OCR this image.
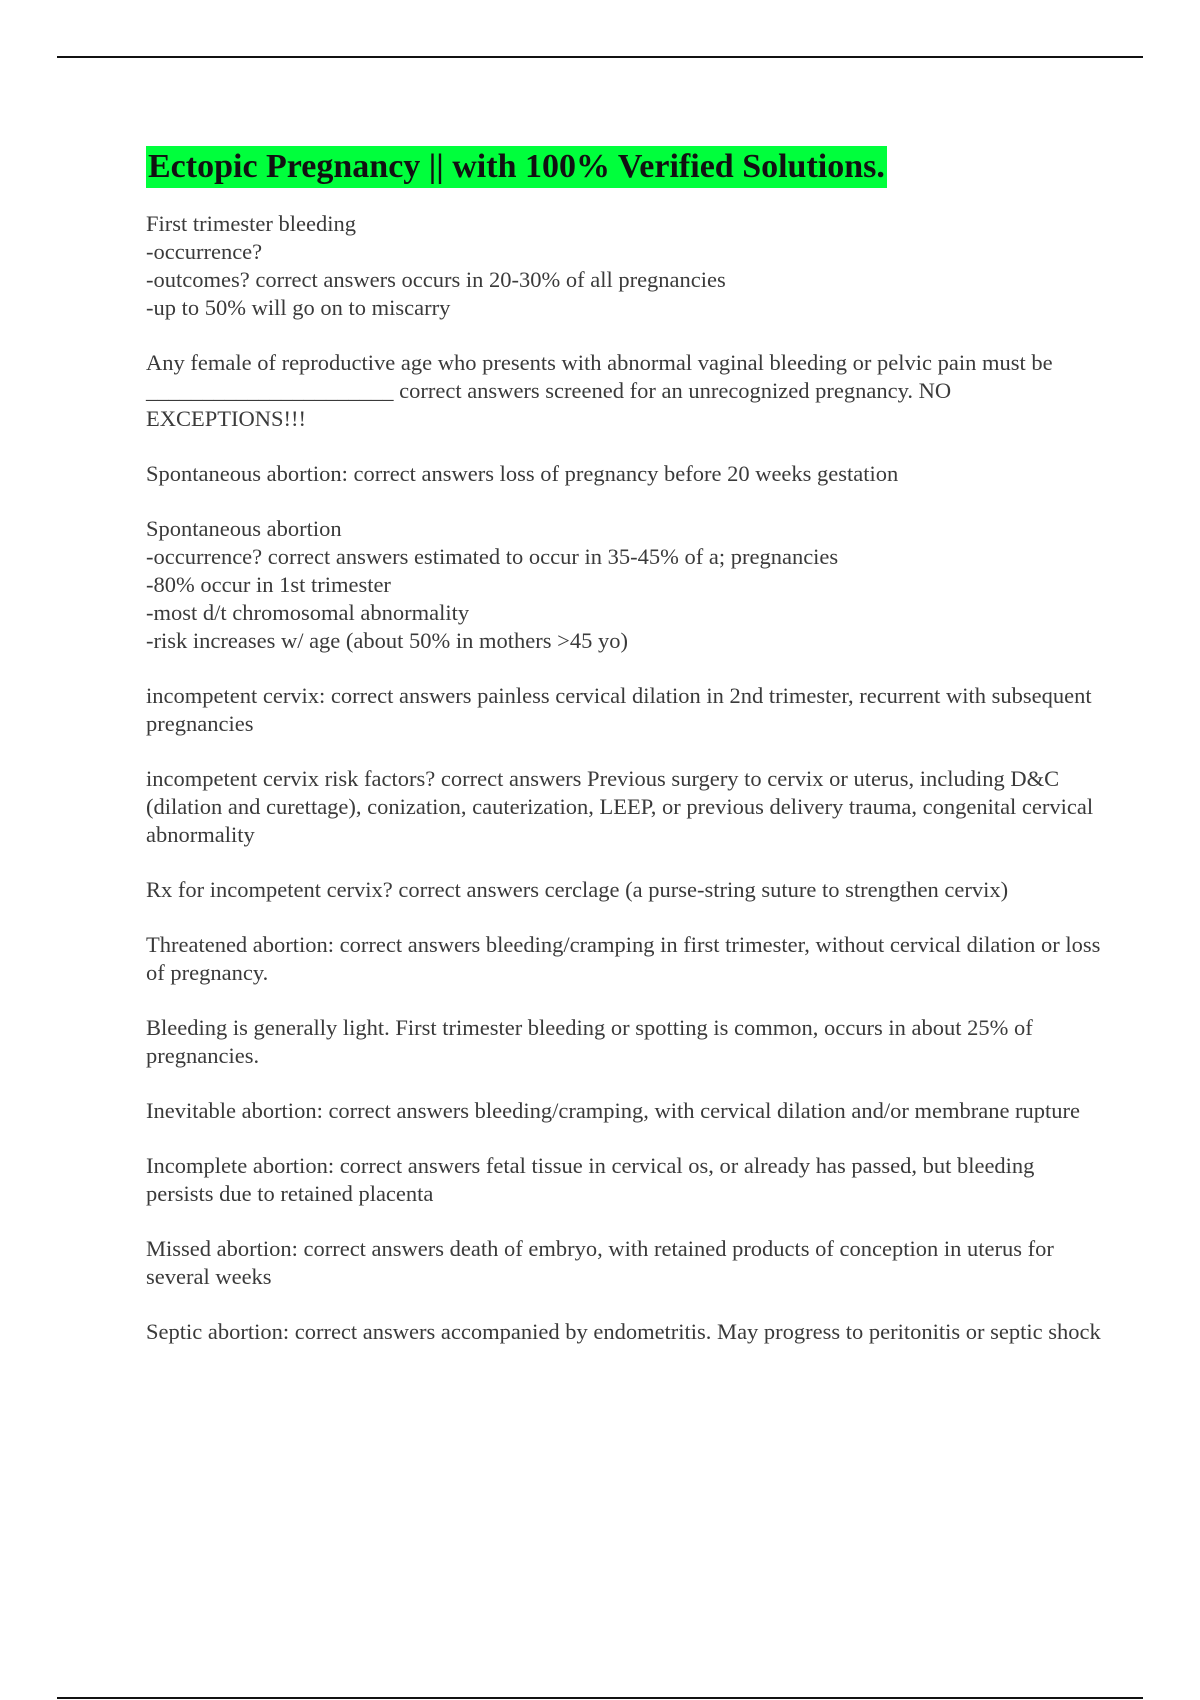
Ectopic Pregnancy || with 100% Verified Solutions.

First trimester bleeding
-occurrence?
-outcomes? correct answers occurs in 20-30% of all pregnancies
-up to 50% will go on to miscarry

Any female of reproductive age who presents with abnormal vaginal bleeding or pelvic pain must be ______________________ correct answers screened for an unrecognized pregnancy. NO EXCEPTIONS!!!

Spontaneous abortion: correct answers loss of pregnancy before 20 weeks gestation

Spontaneous abortion
-occurrence? correct answers estimated to occur in 35-45% of a; pregnancies
-80% occur in 1st trimester
-most d/t chromosomal abnormality
-risk increases w/ age (about 50% in mothers >45 yo)

incompetent cervix: correct answers painless cervical dilation in 2nd trimester, recurrent with subsequent pregnancies

incompetent cervix risk factors? correct answers Previous surgery to cervix or uterus, including D&C (dilation and curettage), conization, cauterization, LEEP, or previous delivery trauma, congenital cervical abnormality

Rx for incompetent cervix? correct answers cerclage (a purse-string suture to strengthen cervix)

Threatened abortion: correct answers bleeding/cramping in first trimester, without cervical dilation or loss of pregnancy.

Bleeding is generally light. First trimester bleeding or spotting is common, occurs in about 25% of pregnancies.

Inevitable abortion: correct answers bleeding/cramping, with cervical dilation and/or membrane rupture

Incomplete abortion: correct answers fetal tissue in cervical os, or already has passed, but bleeding persists due to retained placenta

Missed abortion: correct answers death of embryo, with retained products of conception in uterus for several weeks

Septic abortion: correct answers accompanied by endometritis. May progress to peritonitis or septic shock
